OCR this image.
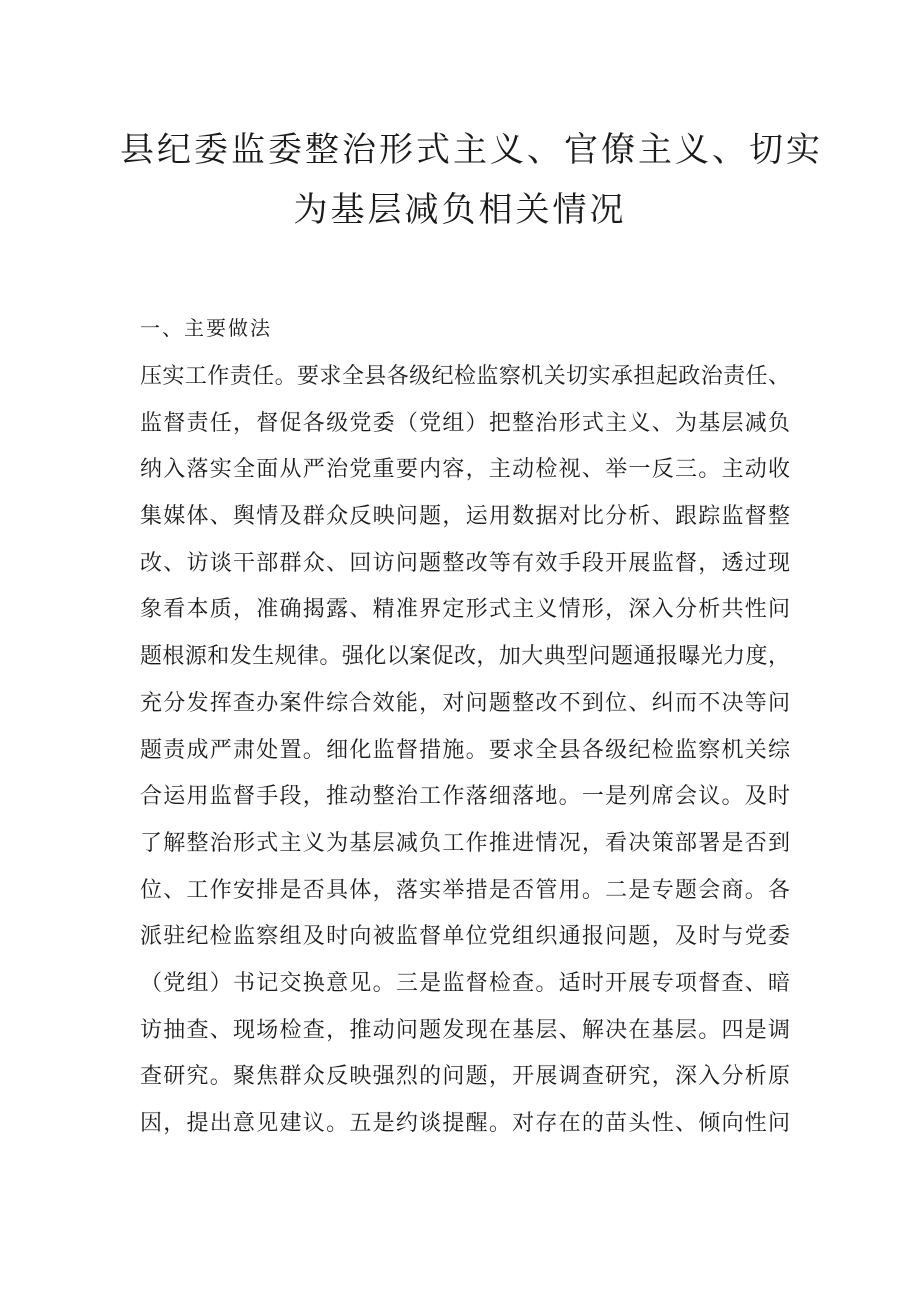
县纪委监委整治形式主义、官僚主义、切实
为基层减负相关情况
一、主要做法
压实工作责任。要求全县各级纪检监察机关切实承担起政治责任、
监督责任，督促各级党委（党组）把整治形式主义、为基层减负
纳入落实全面从严治党重要内容，主动检视、举一反三。主动收
集媒体、舆情及群众反映问题，运用数据对比分析、跟踪监督整
改、访谈干部群众、回访问题整改等有效手段开展监督，透过现
象看本质，准确揭露、精准界定形式主义情形，深入分析共性问
题根源和发生规律。强化以案促改，加大典型问题通报曝光力度，
充分发挥查办案件综合效能，对问题整改不到位、纠而不决等问
题责成严肃处置。细化监督措施。要求全县各级纪检监察机关综
合运用监督手段，推动整治工作落细落地。一是列席会议。及时
了解整治形式主义为基层减负工作推进情况，看决策部署是否到
位、工作安排是否具体，落实举措是否管用。二是专题会商。各
派驻纪检监察组及时向被监督单位党组织通报问题，及时与党委
（党组）书记交换意见。三是监督检查。适时开展专项督查、暗
访抽查、现场检查，推动问题发现在基层、解决在基层。四是调
查研究。聚焦群众反映强烈的问题，开展调查研究，深入分析原
因，提出意见建议。五是约谈提醒。对存在的苗头性、倾向性问
